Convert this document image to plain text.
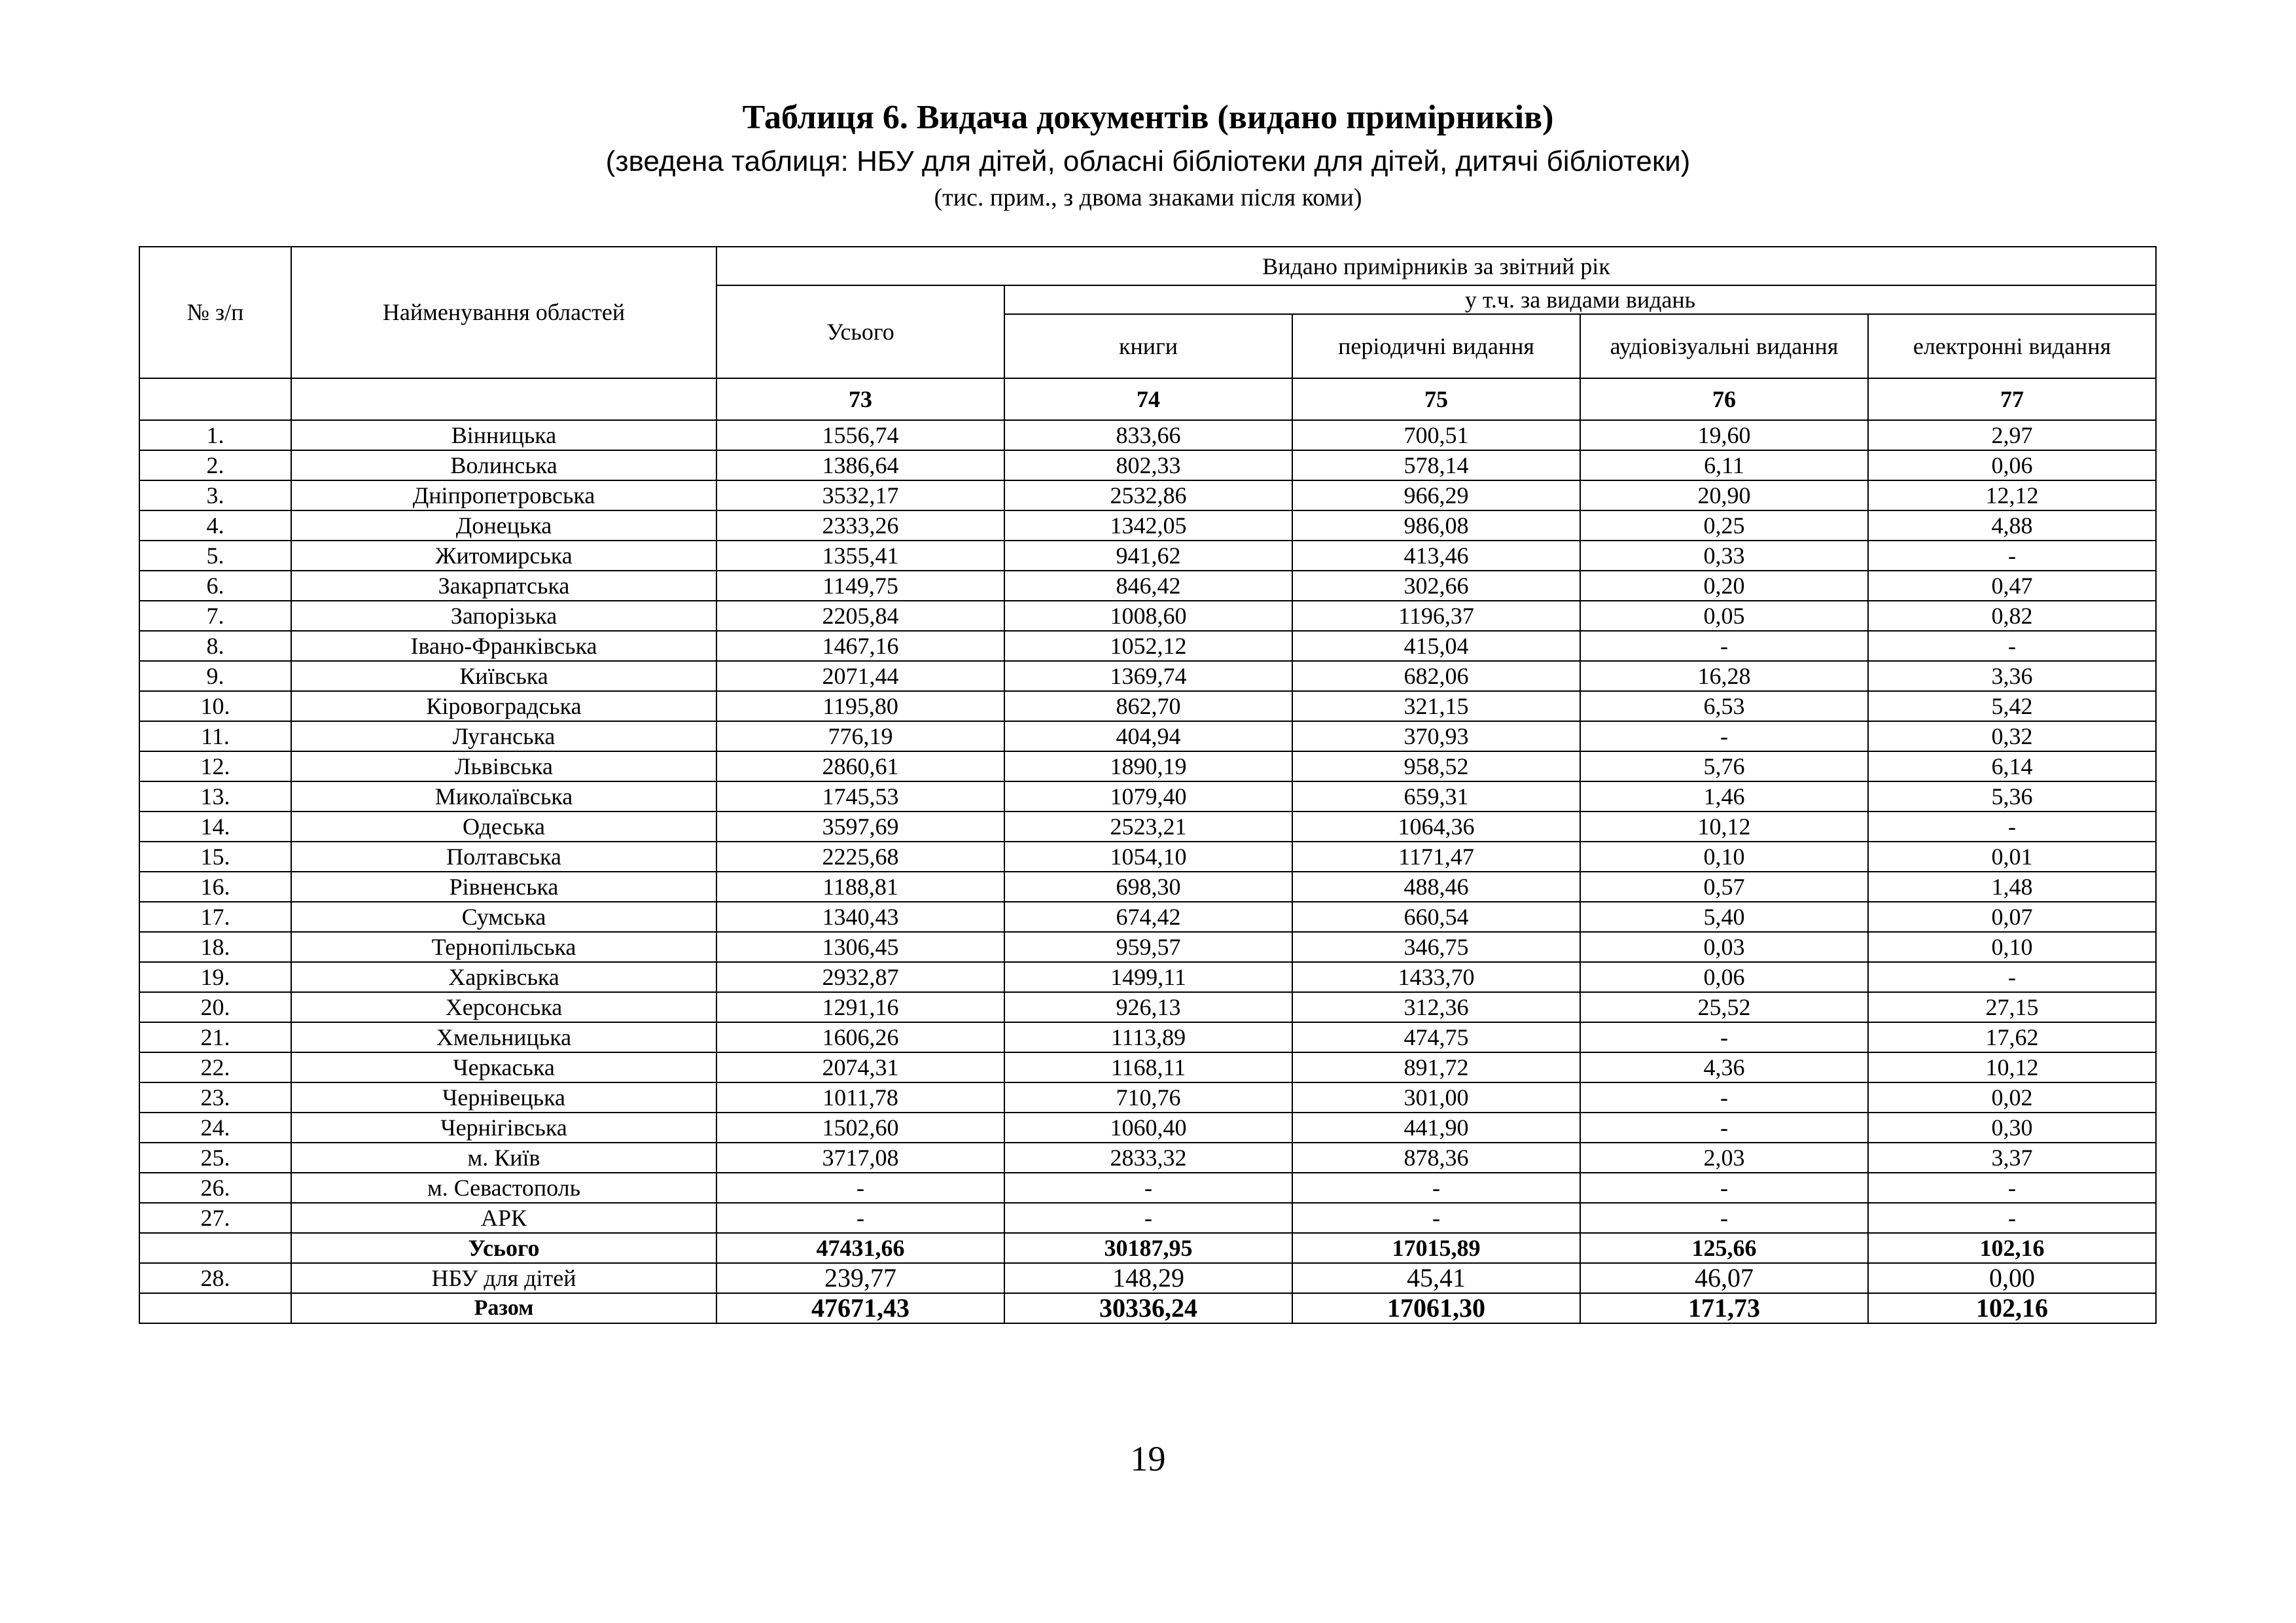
Таблиця 6. Видача документів (видано примірників)
(зведена таблиця: НБУ для дітей, обласні бібліотеки для дітей, дитячі бібліотеки)
(тис. прим., з двома знаками після коми)
№ з/п	Найменування областей	Видано примірників за звітний рік				
		Усього	у т.ч. за видами видань			
			книги	періодичні видання	аудіовізуальні видання	електронні видання
		73	74	75	76	77
1.	Вінницька	1556,74	833,66	700,51	19,60	2,97
2.	Волинська	1386,64	802,33	578,14	6,11	0,06
3.	Дніпропетровська	3532,17	2532,86	966,29	20,90	12,12
4.	Донецька	2333,26	1342,05	986,08	0,25	4,88
5.	Житомирська	1355,41	941,62	413,46	0,33	-
6.	Закарпатська	1149,75	846,42	302,66	0,20	0,47
7.	Запорізька	2205,84	1008,60	1196,37	0,05	0,82
8.	Івано-Франківська	1467,16	1052,12	415,04	-	-
9.	Київська	2071,44	1369,74	682,06	16,28	3,36
10.	Кіровоградська	1195,80	862,70	321,15	6,53	5,42
11.	Луганська	776,19	404,94	370,93	-	0,32
12.	Львівська	2860,61	1890,19	958,52	5,76	6,14
13.	Миколаївська	1745,53	1079,40	659,31	1,46	5,36
14.	Одеська	3597,69	2523,21	1064,36	10,12	-
15.	Полтавська	2225,68	1054,10	1171,47	0,10	0,01
16.	Рівненська	1188,81	698,30	488,46	0,57	1,48
17.	Сумська	1340,43	674,42	660,54	5,40	0,07
18.	Тернопільська	1306,45	959,57	346,75	0,03	0,10
19.	Харківська	2932,87	1499,11	1433,70	0,06	-
20.	Херсонська	1291,16	926,13	312,36	25,52	27,15
21.	Хмельницька	1606,26	1113,89	474,75	-	17,62
22.	Черкаська	2074,31	1168,11	891,72	4,36	10,12
23.	Чернівецька	1011,78	710,76	301,00	-	0,02
24.	Чернігівська	1502,60	1060,40	441,90	-	0,30
25.	м. Київ	3717,08	2833,32	878,36	2,03	3,37
26.	м. Севастополь	-	-	-	-	-
27.	АРК	-	-	-	-	-
	Усього	47431,66	30187,95	17015,89	125,66	102,16
28.	НБУ для дітей	239,77	148,29	45,41	46,07	0,00
	Разом	47671,43	30336,24	17061,30	171,73	102,16
19
